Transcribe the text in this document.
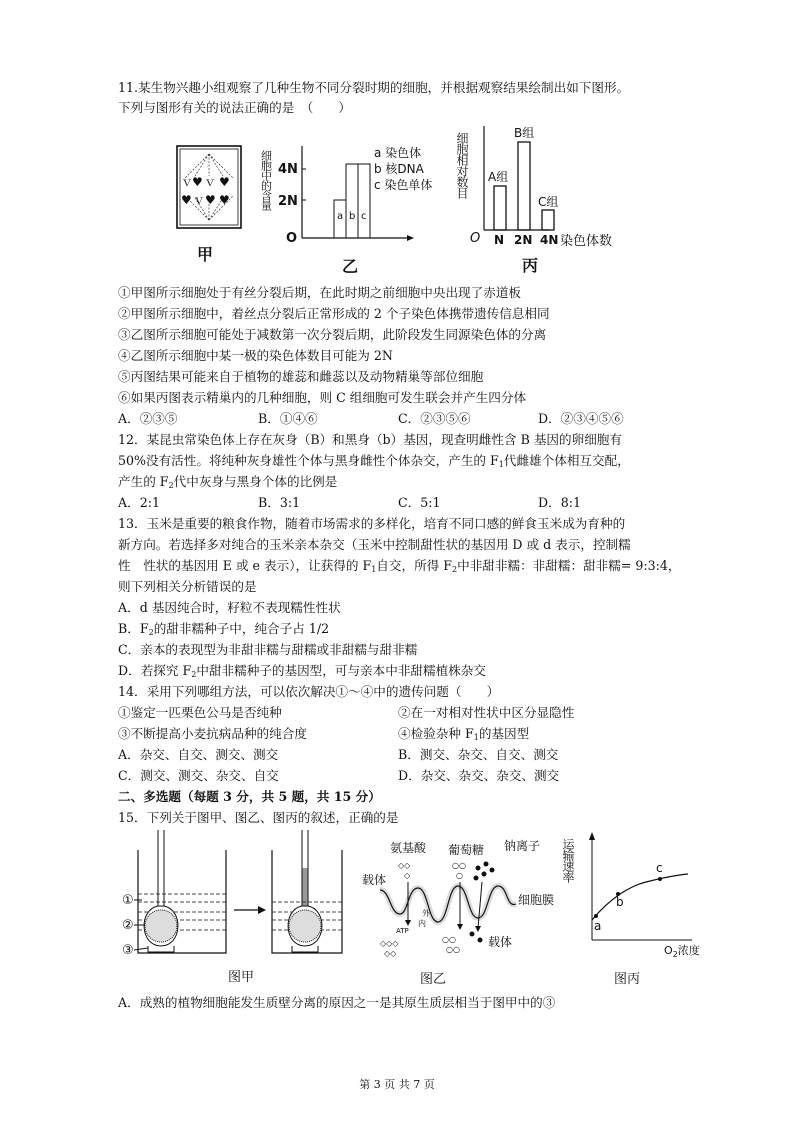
11.某生物兴趣小组观察了几种生物不同分裂时期的细胞，并根据观察结果绘制出如下图形。
下列与图形有关的说法正确的是　（　　）
ｖ
♥ ｖ ♥
♥ ｖ ♥ ♥
甲
细胞中的含量 4N
2N
O
a b c
a 染色体
b 核DNA
c 染色单体
乙
细胞相对数目
O
A组
B组
C组
N 2N 4N 染色体数
丙
①甲图所示细胞处于有丝分裂后期，在此时期之前细胞中央出现了赤道板
②甲图所示细胞中，着丝点分裂后正常形成的 2 个子染色体携带遗传信息相同
③乙图所示细胞可能处于减数第一次分裂后期，此阶段发生同源染色体的分离
④乙图所示细胞中某一极的染色体数目可能为 2N
⑤丙图结果可能来自于植物的雄蕊和雌蕊以及动物精巢等部位细胞
⑥如果丙图表示精巢内的几种细胞，则 C 组细胞可发生联会并产生四分体
A．②③⑤	B．①④⑥	C．②③⑤⑥	D．②③④⑤⑥
12．某昆虫常染色体上存在灰身（B）和黑身（b）基因，现查明雌性含 B 基因的卵细胞有
50%没有活性。将纯种灰身雄性个体与黑身雌性个体杂交，产生的 $F_1$代雌雄个体相互交配，
产生的 $F_2$代中灰身与黑身个体的比例是
A．2:1	B．3:1	C．5:1	D．8:1
13．玉米是重要的粮食作物，随着市场需求的多样化，培育不同口感的鲜食玉米成为育种的
新方向。若选择多对纯合的玉米亲本杂交（玉米中控制甜性状的基因用 D 或 d 表示，控制糯
性　性状的基因用 E 或 e 表示），让获得的 $F_1$自交，所得 $F_2$中非甜非糯：非甜糯：甜非糯= 9:3:4，
则下列相关分析错误的是
A．d 基因纯合时，籽粒不表现糯性性状
B．$F_2$的甜非糯种子中，纯合子占 1/2
C．亲本的表现型为非甜非糯与甜糯或非甜糯与甜非糯
D．若探究 $F_2$中甜非糯种子的基因型，可与亲本中非甜糯植株杂交
14．采用下列哪组方法，可以依次解决①～④中的遗传问题（　　）
①鉴定一匹栗色公马是否纯种	②在一对相对性状中区分显隐性
③不断提高小麦抗病品种的纯合度	④检验杂种 $F_1$的基因型
A．杂交、自交、测交、测交	B．测交、杂交、自交、测交
C．测交、测交、杂交、自交	D．杂交、杂交、杂交、测交
二、多选题（每题 3 分，共 5 题，共 15 分）
15．下列关于图甲、图乙、图丙的叙述，正确的是
①
②
③
图甲
氨基酸 葡萄糖 钠离子
载体
外
内
细胞膜
ATP
载体
◇◇
◇
○○
○
◇◇◇
◇◇
○○
○○
图乙
运输速率
a
b
c
$O_2$浓度
图丙
A．成熟的植物细胞能发生质壁分离的原因之一是其原生质层相当于图甲中的③
第 3 页 共 7 页
